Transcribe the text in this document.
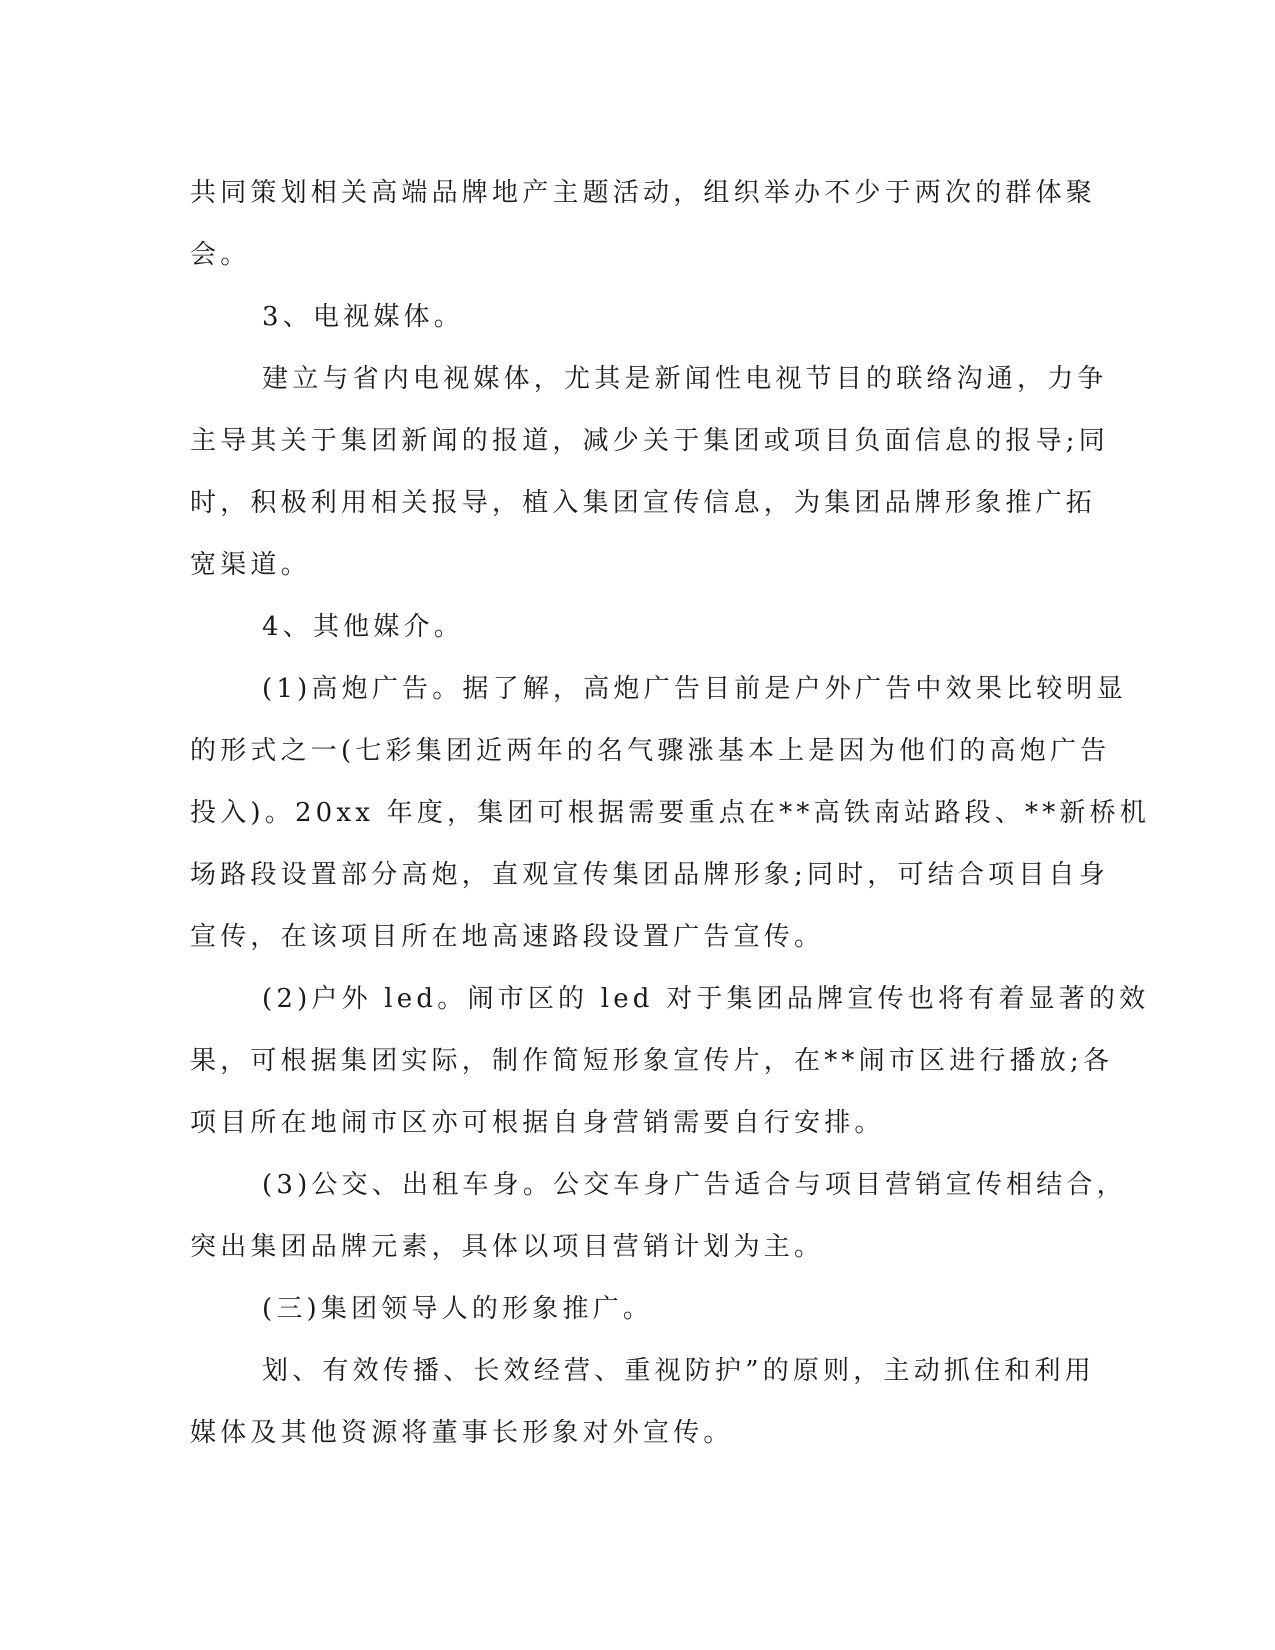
共同策划相关高端品牌地产主题活动，组织举办不少于两次的群体聚
会。
3、电视媒体。
建立与省内电视媒体，尤其是新闻性电视节目的联络沟通，力争
主导其关于集团新闻的报道，减少关于集团或项目负面信息的报导;同
时，积极利用相关报导，植入集团宣传信息，为集团品牌形象推广拓
宽渠道。
4、其他媒介。
(1)高炮广告。据了解，高炮广告目前是户外广告中效果比较明显
的形式之一(七彩集团近两年的名气骤涨基本上是因为他们的高炮广告
投入)。20xx 年度，集团可根据需要重点在**高铁南站路段、**新桥机
场路段设置部分高炮，直观宣传集团品牌形象;同时，可结合项目自身
宣传，在该项目所在地高速路段设置广告宣传。
(2)户外 led。闹市区的 led 对于集团品牌宣传也将有着显著的效
果，可根据集团实际，制作简短形象宣传片，在**闹市区进行播放;各
项目所在地闹市区亦可根据自身营销需要自行安排。
(3)公交、出租车身。公交车身广告适合与项目营销宣传相结合，
突出集团品牌元素，具体以项目营销计划为主。
(三)集团领导人的形象推广。
划、有效传播、长效经营、重视防护”的原则，主动抓住和利用
媒体及其他资源将董事长形象对外宣传。
